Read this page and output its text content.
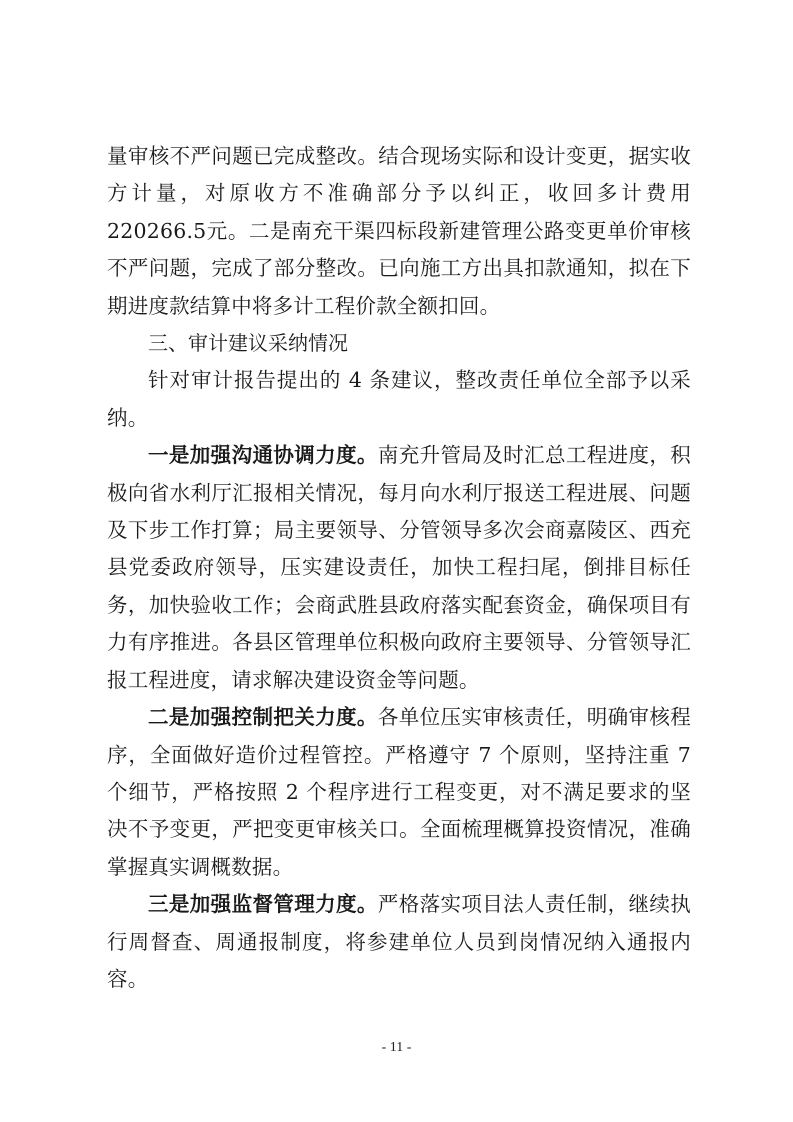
量审核不严问题已完成整改。结合现场实际和设计变更，据实收方计量，对原收方不准确部分予以纠正，收回多计费用220266.5元。二是南充干渠四标段新建管理公路变更单价审核不严问题，完成了部分整改。已向施工方出具扣款通知，拟在下期进度款结算中将多计工程价款全额扣回。

三、审计建议采纳情况

针对审计报告提出的 4 条建议，整改责任单位全部予以采纳。

一是加强沟通协调力度。南充升管局及时汇总工程进度，积极向省水利厅汇报相关情况，每月向水利厅报送工程进展、问题及下步工作打算；局主要领导、分管领导多次会商嘉陵区、西充县党委政府领导，压实建设责任，加快工程扫尾，倒排目标任务，加快验收工作；会商武胜县政府落实配套资金，确保项目有力有序推进。各县区管理单位积极向政府主要领导、分管领导汇报工程进度，请求解决建设资金等问题。

二是加强控制把关力度。各单位压实审核责任，明确审核程序，全面做好造价过程管控。严格遵守 7 个原则，坚持注重 7 个细节，严格按照 2 个程序进行工程变更，对不满足要求的坚决不予变更，严把变更审核关口。全面梳理概算投资情况，准确掌握真实调概数据。

三是加强监督管理力度。严格落实项目法人责任制，继续执行周督查、周通报制度，将参建单位人员到岗情况纳入通报内容。

- 11 -
